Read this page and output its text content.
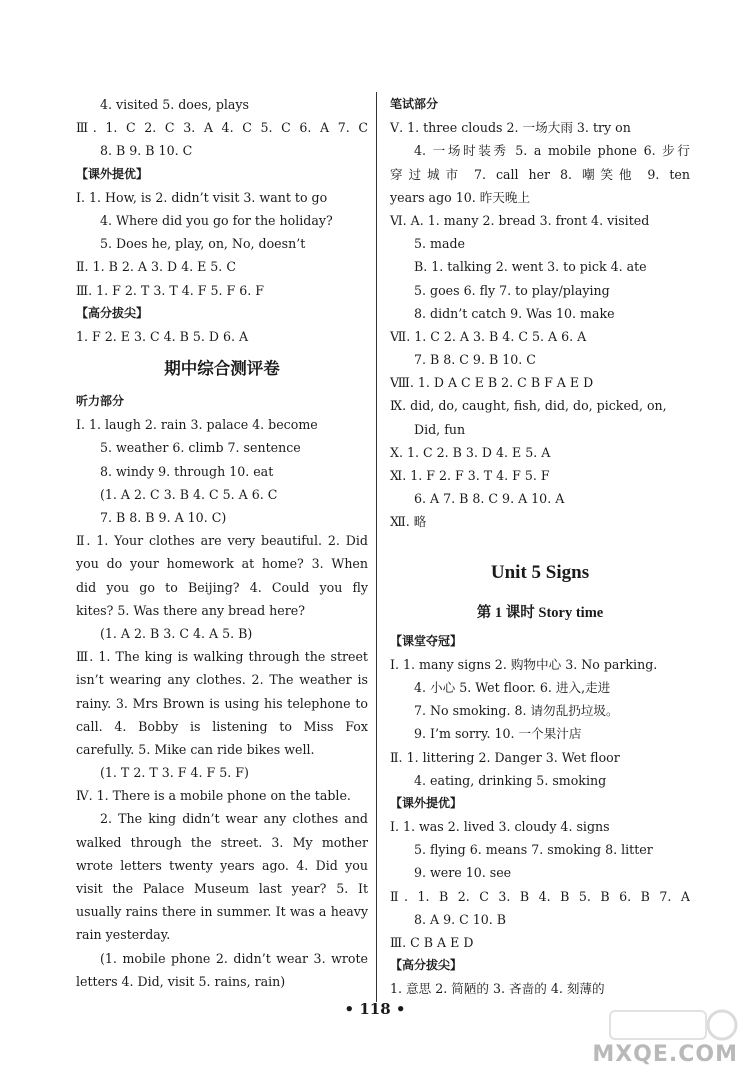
4. visited 5. does, plays
Ⅲ. 1. C 2. C 3. A 4. C 5. C 6. A 7. C
8. B 9. B 10. C
【课外提优】
Ⅰ. 1. How, is 2. didn’t visit 3. want to go
4. Where did you go for the holiday?
5. Does he, play, on, No, doesn’t
Ⅱ. 1. B 2. A 3. D 4. E 5. C
Ⅲ. 1. F 2. T 3. T 4. F 5. F 6. F
【高分拔尖】
1. F 2. E 3. C 4. B 5. D 6. A
期中综合测评卷
听力部分
Ⅰ. 1. laugh 2. rain 3. palace 4. become
5. weather 6. climb 7. sentence
8. windy 9. through 10. eat
(1. A 2. C 3. B 4. C 5. A 6. C
7. B 8. B 9. A 10. C)
Ⅱ. 1. Your clothes are very beautiful. 2. Did
you do your homework at home? 3. When
did you go to Beijing? 4. Could you fly
kites? 5. Was there any bread here?
(1. A 2. B 3. C 4. A 5. B)
Ⅲ. 1. The king is walking through the street
isn’t wearing any clothes. 2. The weather is
rainy. 3. Mrs Brown is using his telephone to
call. 4. Bobby is listening to Miss Fox
carefully. 5. Mike can ride bikes well.
(1. T 2. T 3. F 4. F 5. F)
Ⅳ. 1. There is a mobile phone on the table.
2. The king didn’t wear any clothes and
walked through the street. 3. My mother
wrote letters twenty years ago. 4. Did you
visit the Palace Museum last year? 5. It
usually rains there in summer. It was a heavy
rain yesterday.
(1. mobile phone 2. didn’t wear 3. wrote
letters 4. Did, visit 5. rains, rain)
笔试部分
Ⅴ. 1. three clouds 2. 一场大雨 3. try on
4. 一场时装秀 5. a mobile phone 6. 步行
穿过城市 7. call her 8. 嘲笑他 9. ten
years ago 10. 昨天晚上
Ⅵ. A. 1. many 2. bread 3. front 4. visited
5. made
B. 1. talking 2. went 3. to pick 4. ate
5. goes 6. fly 7. to play/playing
8. didn’t catch 9. Was 10. make
Ⅶ. 1. C 2. A 3. B 4. C 5. A 6. A
7. B 8. C 9. B 10. C
Ⅷ. 1. D A C E B 2. C B F A E D
Ⅸ. did, do, caught, fish, did, do, picked, on,
Did, fun
Ⅹ. 1. C 2. B 3. D 4. E 5. A
Ⅺ. 1. F 2. F 3. T 4. F 5. F
6. A 7. B 8. C 9. A 10. A
Ⅻ. 略
Unit 5 Signs
第 1 课时 Story time
【课堂夺冠】
Ⅰ. 1. many signs 2. 购物中心 3. No parking.
4. 小心 5. Wet floor. 6. 进入,走进
7. No smoking. 8. 请勿乱扔垃圾。
9. I’m sorry. 10. 一个果汁店
Ⅱ. 1. littering 2. Danger 3. Wet floor
4. eating, drinking 5. smoking
【课外提优】
Ⅰ. 1. was 2. lived 3. cloudy 4. signs
5. flying 6. means 7. smoking 8. litter
9. were 10. see
Ⅱ. 1. B 2. C 3. B 4. B 5. B 6. B 7. A
8. A 9. C 10. B
Ⅲ. C B A E D
【高分拔尖】
1. 意思 2. 简陋的 3. 吝啬的 4. 刻薄的
• 118 •
MXQE.COM
